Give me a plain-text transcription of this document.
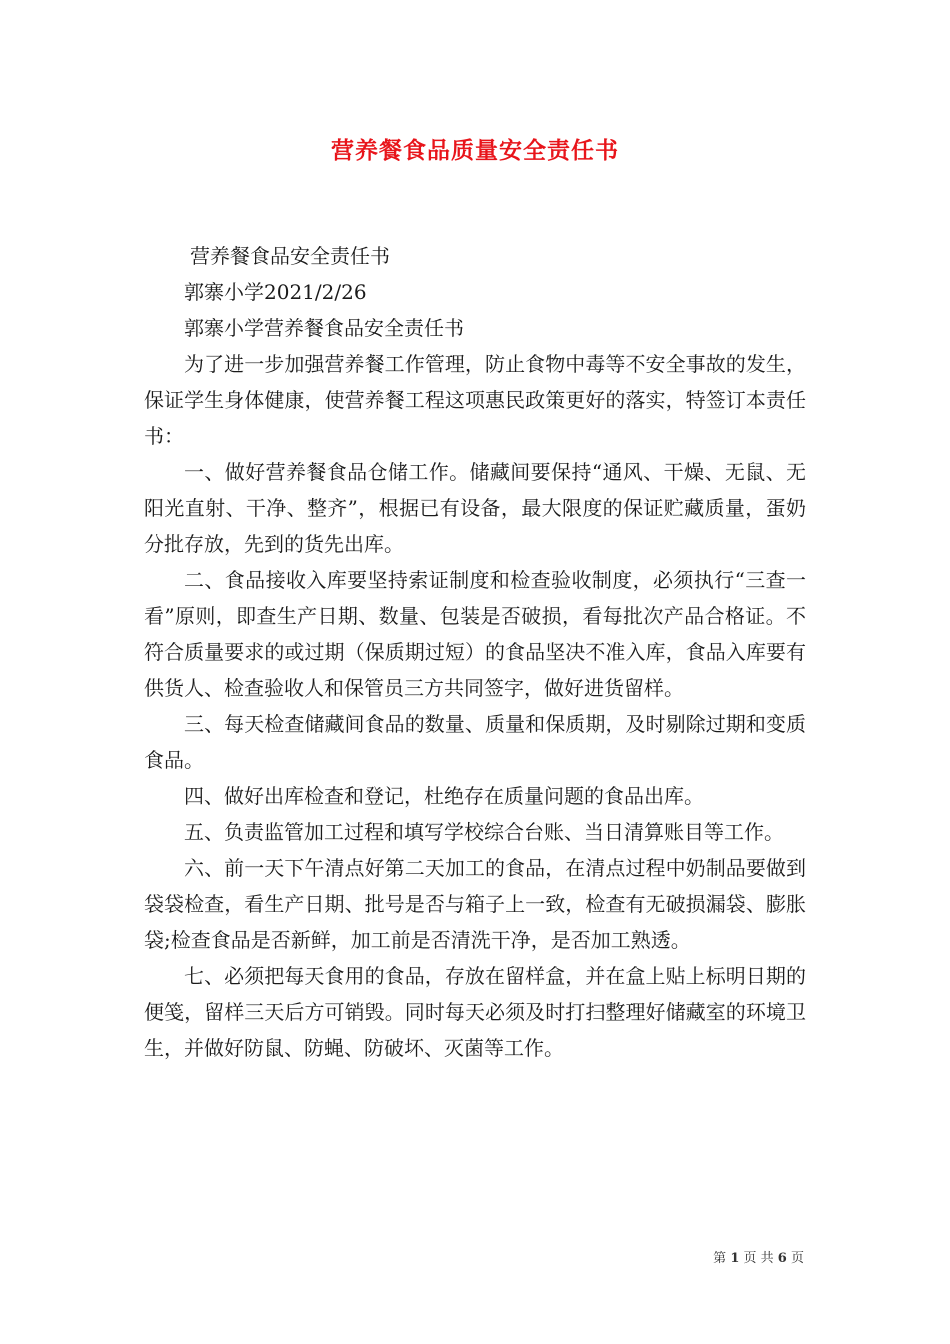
营养餐食品质量安全责任书

营养餐食品安全责任书

郭寨小学2021/2/26

郭寨小学营养餐食品安全责任书

为了进一步加强营养餐工作管理，防止食物中毒等不安全事故的发生，保证学生身体健康，使营养餐工程这项惠民政策更好的落实，特签订本责任书：

一、做好营养餐食品仓储工作。储藏间要保持“通风、干燥、无鼠、无阳光直射、干净、整齐”，根据已有设备，最大限度的保证贮藏质量，蛋奶分批存放，先到的货先出库。

二、食品接收入库要坚持索证制度和检查验收制度，必须执行“三查一看”原则，即查生产日期、数量、包装是否破损，看每批次产品合格证。不符合质量要求的或过期（保质期过短）的食品坚决不准入库，食品入库要有供货人、检查验收人和保管员三方共同签字，做好进货留样。

三、每天检查储藏间食品的数量、质量和保质期，及时剔除过期和变质食品。

四、做好出库检查和登记，杜绝存在质量问题的食品出库。

五、负责监管加工过程和填写学校综合台账、当日清算账目等工作。

六、前一天下午清点好第二天加工的食品，在清点过程中奶制品要做到袋袋检查，看生产日期、批号是否与箱子上一致，检查有无破损漏袋、膨胀袋;检查食品是否新鲜，加工前是否清洗干净，是否加工熟透。

七、必须把每天食用的食品，存放在留样盒，并在盒上贴上标明日期的便笺，留样三天后方可销毁。同时每天必须及时打扫整理好储藏室的环境卫生，并做好防鼠、防蝇、防破坏、灭菌等工作。

第 1 页 共 6 页
